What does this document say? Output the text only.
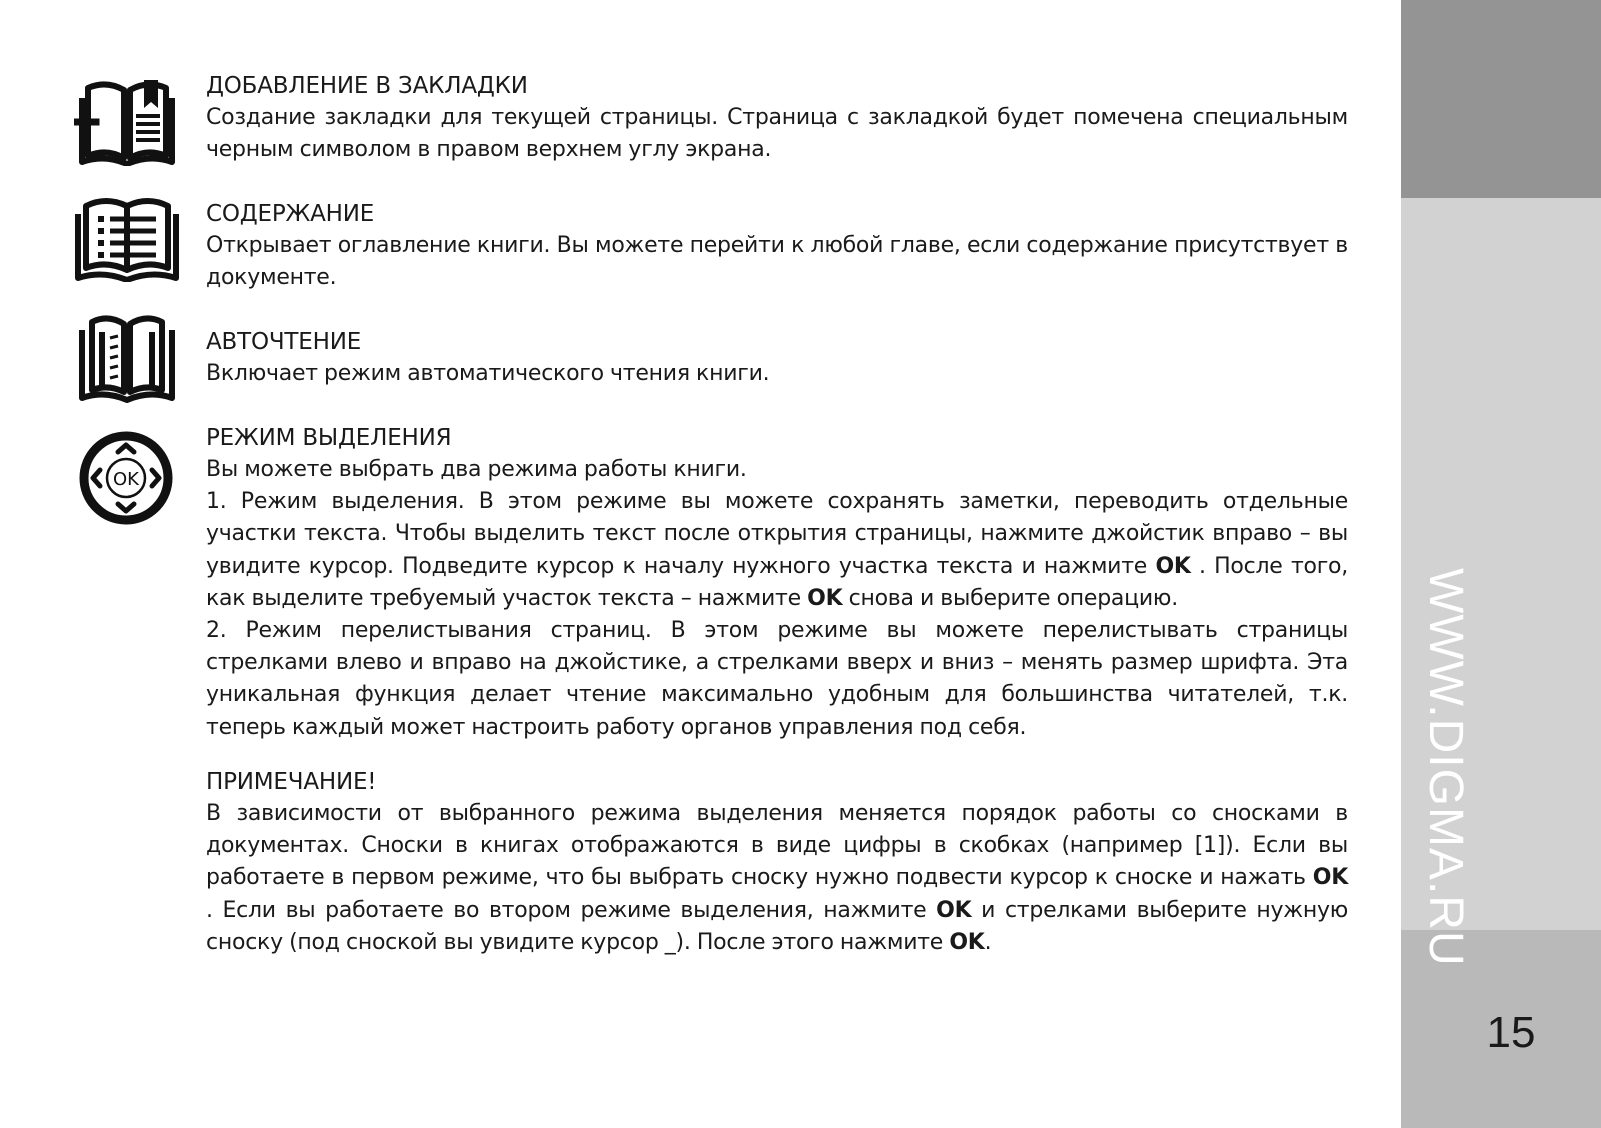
WWW.DIGMA.RU
15
OK
ДОБАВЛЕНИЕ В ЗАКЛАДКИ

Создание закладки для текущей страницы. Страница с закладкой будет помечена специальным черным символом в правом верхнем углу экрана.

СОДЕРЖАНИЕ

Открывает оглавление книги. Вы можете перейти к любой главе, если содержание присутствует в документе.

АВТОЧТЕНИЕ

Включает режим автоматического чтения книги.

РЕЖИМ ВЫДЕЛЕНИЯ

Вы можете выбрать два режима работы книги.

1. Режим выделения. В этом режиме вы можете сохранять заметки, переводить отдельные участки текста. Чтобы выделить текст после открытия страницы, нажмите джойстик вправо – вы увидите курсор. Подведите курсор к началу нужного участка текста и нажмите OK . После того, как выделите требуемый участок текста – нажмите OK снова и выберите операцию.

2. Режим перелистывания страниц. В этом режиме вы можете перелистывать страницы стрелками влево и вправо на джойстике, а стрелками вверх и вниз – менять размер шрифта. Эта уникальная функция делает чтение максимально удобным для большинства читателей, т.к. теперь каждый может настроить работу органов управления под себя.

ПРИМЕЧАНИЕ!

В зависимости от выбранного режима выделения меняется порядок работы со сносками в документах. Сноски в книгах отображаются в виде цифры в скобках (например [1]). Если вы работаете в первом режиме, что бы выбрать сноску нужно подвести курсор к сноске и нажать OK . Если вы работаете во втором режиме выделения, нажмите OK и стрелками выберите нужную сноску (под сноской вы увидите курсор _). После этого нажмите OK.
